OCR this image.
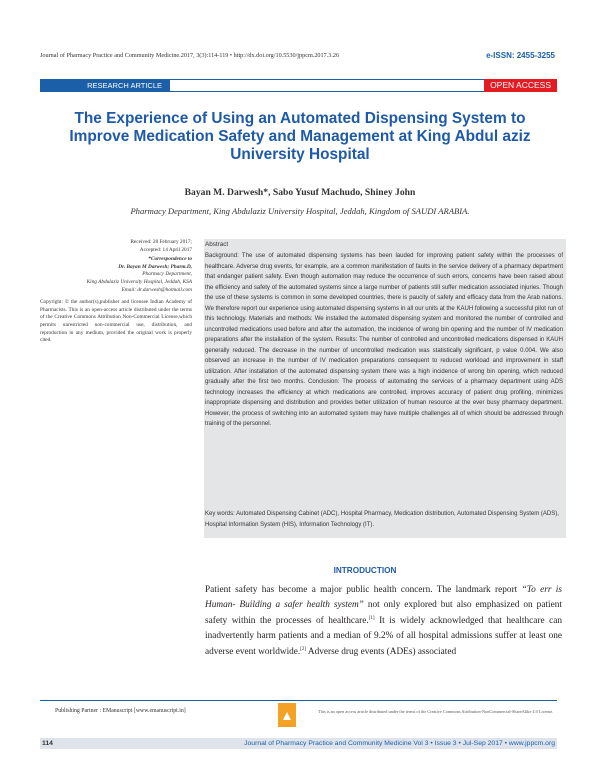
Journal of Pharmacy Practice and Community Medicine.2017, 3(3):114-119 • http://dx.doi.org/10.5530/jppcm.2017.3.26	e-ISSN: 2455-3255
RESEARCH ARTICLE	OPEN ACCESS
The Experience of Using an Automated Dispensing System to Improve Medication Safety and Management at King Abdul aziz University Hospital
Bayan M. Darwesh*, Sabo Yusuf Machudo, Shiney John
Pharmacy Department, King Abdulaziz University Hospital, Jeddah, Kingdom of SAUDI ARABIA.
Received: 28 February 2017;
Accepted: 14 April 2017
*Correspondence to
Dr. Bayan M Darwesh; Pharm.D,
Pharmacy Department,
King Abdulaziz University Hospital, Jeddah, KSA
Email: dr.darwesh@hotmail.com
Copyright: © the author(s),publisher and licensee Indian Academy of Pharmacists. This is an open-access article distributed under the terms of the Creative Commons Attribution Non-Commercial License,which permits unrestricted non-commercial use, distribution, and reproduction in any medium, provided the original work is properly cited.
Abstract
Background: The use of automated dispensing systems has been lauded for improving patient safety within the processes of healthcare. Adverse drug events, for example, are a common manifestation of faults in the service delivery of a pharmacy department that endanger patient safety. Even though automation may reduce the occurrence of such errors, concerns have been raised about the efficiency and safety of the automated systems since a large number of patients still suffer medication associated injuries. Though the use of these systems is common in some developed countries, there is paucity of safety and efficacy data from the Arab nations. We therefore report our experience using automated dispensing systems in all our units at the KAUH following a successful pilot run of this technology. Materials and methods: We installed the automated dispensing system and monitored the number of controlled and uncontrolled medications used before and after the automation, the incidence of wrong bin opening and the number of IV medication preparations after the installation of the system. Results: The number of controlled and uncontrolled medications dispensed in KAUH generally reduced. The decrease in the number of uncontrolled medication was statistically significant, p value 0.004. We also observed an increase in the number of IV medication preparations consequent to reduced workload and improvement in staff utilization. After installation of the automated dispensing system there was a high incidence of wrong bin opening, which reduced gradually after the first two months. Conclusion: The process of automating the services of a pharmacy department using ADS technology increases the efficiency at which medications are controlled, improves accuracy of patient drug profiling, minimizes inappropriate dispensing and distribution and provides better utilization of human resource at the ever busy pharmacy department. However, the process of switching into an automated system may have multiple challenges all of which should be addressed through training of the personnel.
Key words: Automated Dispensing Cabinet (ADC), Hospital Pharmacy, Medication distribution, Automated Dispensing System (ADS), Hospital Information System (HIS), Information Technology (IT).
INTRODUCTION

Patient safety has become a major public health concern. The landmark report “To err is Human- Building a safer health system” not only explored but also emphasized on patient safety within the processes of healthcare.[1] It is widely acknowledged that healthcare can inadvertently harm patients and a median of 9.2% of all hospital admissions suffer at least one adverse event worldwide.[2] Adverse drug events (ADEs) associated

Publishing Partner : EManuscript [www.emanuscript.in]	This is an open access article distributed under the terms of the Creative Commons Attribution-NonCommercial-ShareAlike 4.0 License.
114	Journal of Pharmacy Practice and Community Medicine Vol 3 • Issue 3 • Jul-Sep 2017 • www.jppcm.org
